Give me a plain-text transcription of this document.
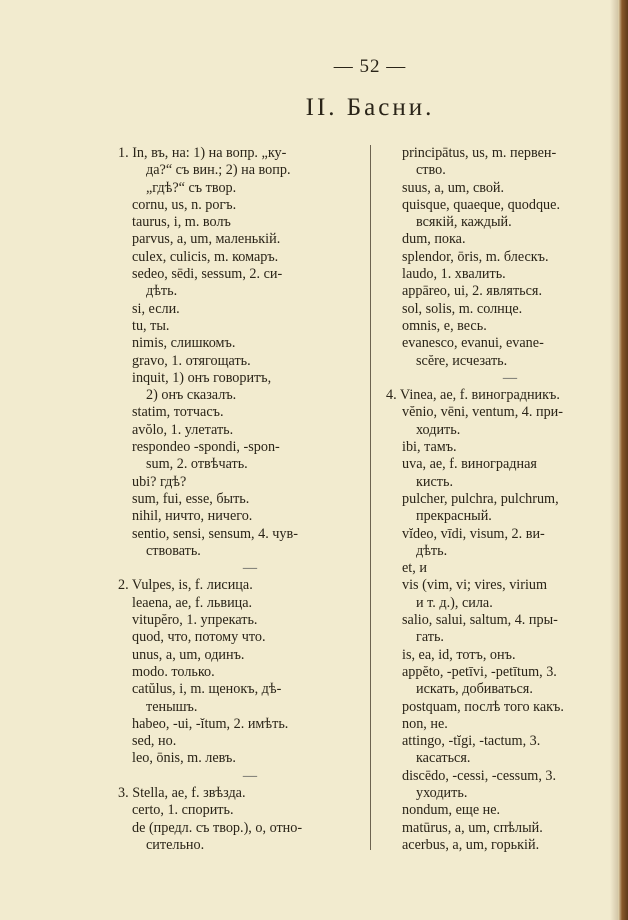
— 52 —
II. Басни.
1. In, въ, на: 1) на вопр. „ку-
да?“ съ вин.; 2) на вопр.
„гдѣ?“ съ твор.
cornu, us, n. рогъ.
taurus, i, m. волъ
parvus, a, um, маленькій.
culex, culicis, m. комаръ.
sedeo, sēdi, sessum, 2. си-
дѣть.
si, если.
tu, ты.
nimis, слишкомъ.
gravo, 1. отягощать.
inquit, 1) онъ говоритъ,
2) онъ сказалъ.
statim, тотчасъ.
avŏlo, 1. улетать.
respondeo -spondi, -spon-
sum, 2. отвѣчать.
ubi? гдѣ?
sum, fui, esse, быть.
nihil, ничто, ничего.
sentio, sensi, sensum, 4. чув-
ствовать.
—
2. Vulpes, is, f. лисица.
leaena, ae, f. львица.
vitupĕro, 1. упрекать.
quod, что, потому что.
unus, a, um, одинъ.
modo. только.
catŭlus, i, m. щенокъ, дѣ-
тенышъ.
habeo, -ui, -ĭtum, 2. имѣть.
sed, но.
leo, ōnis, m. левъ.
—
3. Stella, ae, f. звѣзда.
certo, 1. спорить.
de (предл. съ твор.), о, отно-
сительно.
principātus, us, m. первен-
ство.
suus, a, um, свой.
quisque, quaeque, quodque.
всякій, каждый.
dum, пока.
splendor, ōris, m. блескъ.
laudo, 1. хвалить.
appāreo, ui, 2. являться.
sol, solis, m. солнце.
omnis, e, весь.
evanesco, evanui, evane-
scĕre, исчезать.
—
4. Vinea, ae, f. виноградникъ.
vĕnio, vēni, ventum, 4. при-
ходить.
ibi, тамъ.
uva, ae, f. виноградная
кисть.
pulcher, pulchra, pulchrum,
прекрасный.
vĭdeo, vīdi, visum, 2. ви-
дѣть.
et, и
vis (vim, vi; vires, virium
и т. д.), сила.
salio, salui, saltum, 4. пры-
гать.
is, ea, id, тотъ, онъ.
appĕto, -petīvi, -petītum, 3.
искать, добиваться.
postquam, послѣ того какъ.
non, не.
attingo, -tĭgi, -tactum, 3.
касаться.
discēdo, -cessi, -cessum, 3.
уходить.
nondum, еще не.
matūrus, a, um, спѣлый.
acerbus, a, um, горькій.
